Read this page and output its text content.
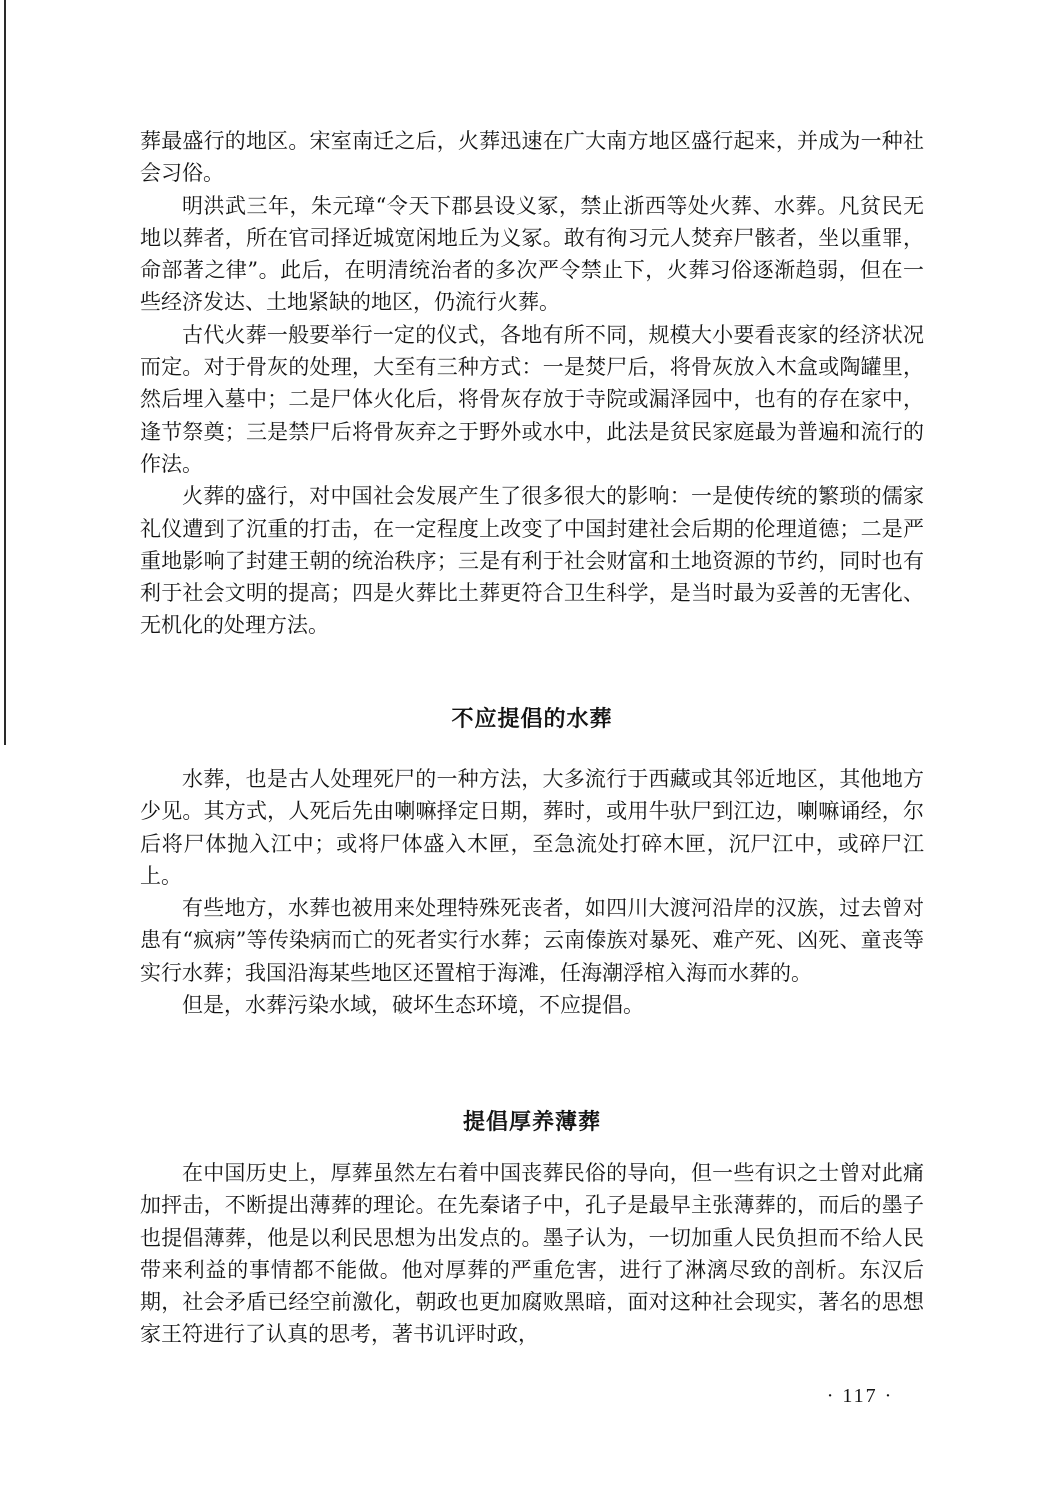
葬最盛行的地区。宋室南迁之后，火葬迅速在广大南方地区盛行起来，并成为一种社会习俗。

明洪武三年，朱元璋“令天下郡县设义冢，禁止浙西等处火葬、水葬。凡贫民无地以葬者，所在官司择近城宽闲地丘为义冢。敢有徇习元人焚弃尸骸者，坐以重罪，命部著之律”。此后，在明清统治者的多次严令禁止下，火葬习俗逐渐趋弱，但在一些经济发达、土地紧缺的地区，仍流行火葬。

古代火葬一般要举行一定的仪式，各地有所不同，规模大小要看丧家的经济状况而定。对于骨灰的处理，大至有三种方式：一是焚尸后，将骨灰放入木盒或陶罐里，然后埋入墓中；二是尸体火化后，将骨灰存放于寺院或漏泽园中，也有的存在家中，逢节祭奠；三是禁尸后将骨灰弃之于野外或水中，此法是贫民家庭最为普遍和流行的作法。

火葬的盛行，对中国社会发展产生了很多很大的影响：一是使传统的繁琐的儒家礼仪遭到了沉重的打击，在一定程度上改变了中国封建社会后期的伦理道德；二是严重地影响了封建王朝的统治秩序；三是有利于社会财富和土地资源的节约，同时也有利于社会文明的提高；四是火葬比土葬更符合卫生科学，是当时最为妥善的无害化、无机化的处理方法。

不应提倡的水葬

水葬，也是古人处理死尸的一种方法，大多流行于西藏或其邻近地区，其他地方少见。其方式，人死后先由喇嘛择定日期，葬时，或用牛驮尸到江边，喇嘛诵经，尔后将尸体抛入江中；或将尸体盛入木匣，至急流处打碎木匣，沉尸江中，或碎尸江上。

有些地方，水葬也被用来处理特殊死丧者，如四川大渡河沿岸的汉族，过去曾对患有“疯病”等传染病而亡的死者实行水葬；云南傣族对暴死、难产死、凶死、童丧等实行水葬；我国沿海某些地区还置棺于海滩，任海潮浮棺入海而水葬的。

但是，水葬污染水域，破坏生态环境，不应提倡。

提倡厚养薄葬

在中国历史上，厚葬虽然左右着中国丧葬民俗的导向，但一些有识之士曾对此痛加抨击，不断提出薄葬的理论。在先秦诸子中，孔子是最早主张薄葬的，而后的墨子也提倡薄葬，他是以利民思想为出发点的。墨子认为，一切加重人民负担而不给人民带来利益的事情都不能做。他对厚葬的严重危害，进行了淋漓尽致的剖析。东汉后期，社会矛盾已经空前激化，朝政也更加腐败黑暗，面对这种社会现实，著名的思想家王符进行了认真的思考，著书讥评时政，

· 117 ·
